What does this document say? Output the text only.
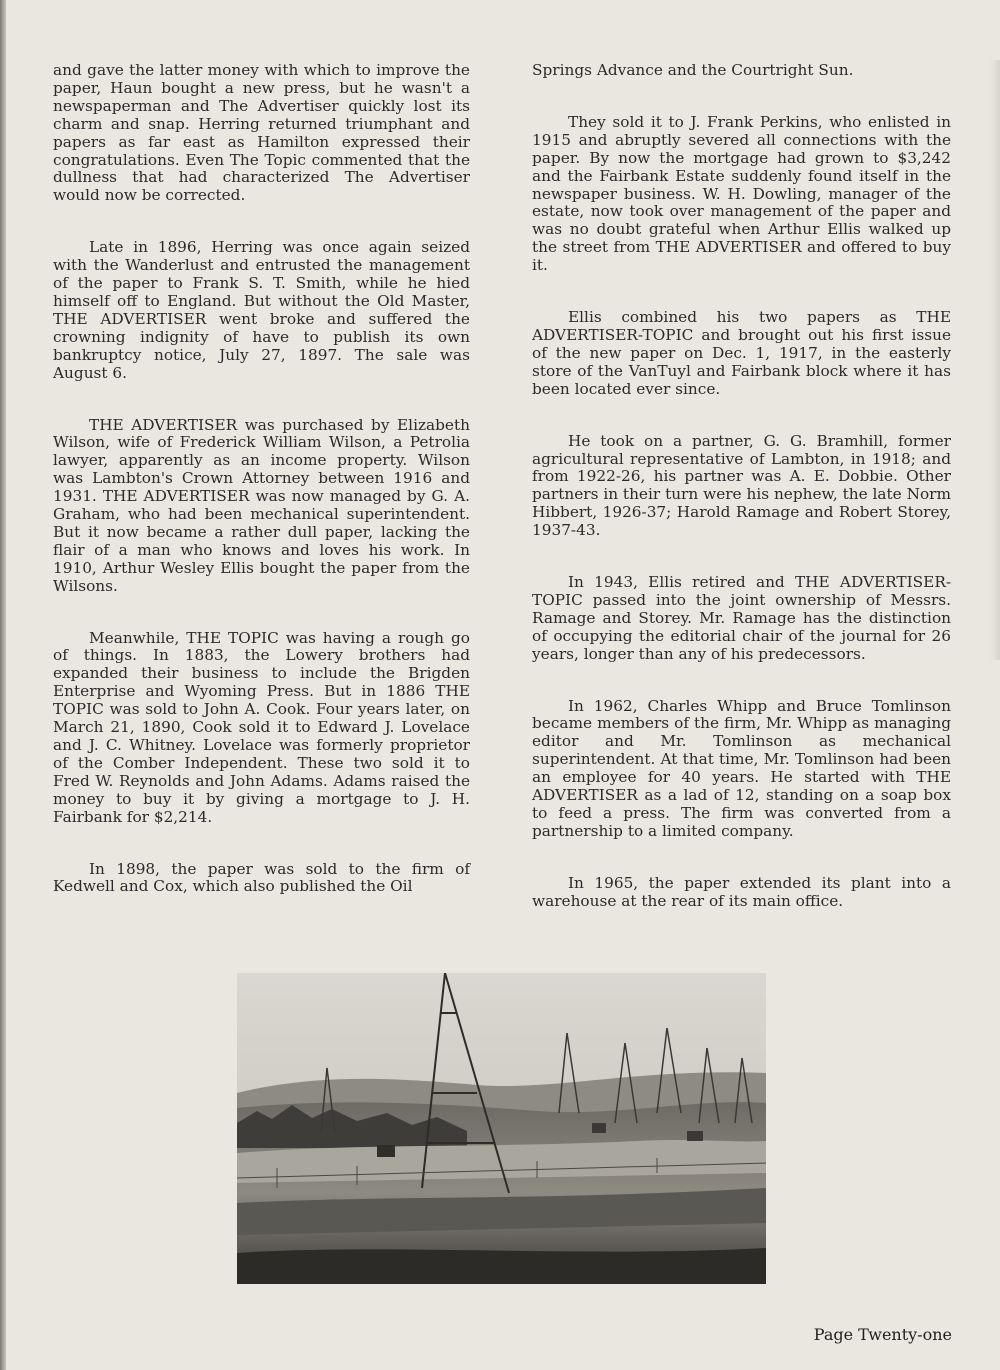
and gave the latter money with which to improve the paper, Haun bought a new press, but he wasn't a newspaperman and The Advertiser quickly lost its charm and snap. Herring returned triumphant and papers as far east as Hamilton expressed their congratulations. Even The Topic commented that the dullness that had characterized The Advertiser would now be corrected.

Late in 1896, Herring was once again seized with the Wanderlust and entrusted the management of the paper to Frank S. T. Smith, while he hied himself off to England. But without the Old Master, THE ADVERTISER went broke and suffered the crowning indignity of have to publish its own bankruptcy notice, July 27, 1897. The sale was August 6.

THE ADVERTISER was purchased by Elizabeth Wilson, wife of Frederick William Wilson, a Petrolia lawyer, apparently as an income property. Wilson was Lambton's Crown Attorney between 1916 and 1931. THE ADVERTISER was now managed by G. A. Graham, who had been mechanical superintendent. But it now became a rather dull paper, lacking the flair of a man who knows and loves his work. In 1910, Arthur Wesley Ellis bought the paper from the Wilsons.

Meanwhile, THE TOPIC was having a rough go of things. In 1883, the Lowery brothers had expanded their business to include the Brigden Enterprise and Wyoming Press. But in 1886 THE TOPIC was sold to John A. Cook. Four years later, on March 21, 1890, Cook sold it to Edward J. Lovelace and J. C. Whitney. Lovelace was formerly proprietor of the Comber Independent. These two sold it to Fred W. Reynolds and John Adams. Adams raised the money to buy it by giving a mortgage to J. H. Fairbank for $2,214.

In 1898, the paper was sold to the firm of Kedwell and Cox, which also published the Oil

Springs Advance and the Courtright Sun.

They sold it to J. Frank Perkins, who enlisted in 1915 and abruptly severed all connections with the paper. By now the mortgage had grown to $3,242 and the Fairbank Estate suddenly found itself in the newspaper business. W. H. Dowling, manager of the estate, now took over management of the paper and was no doubt grateful when Arthur Ellis walked up the street from THE ADVERTISER and offered to buy it.

Ellis combined his two papers as THE ADVERTISER-TOPIC and brought out his first issue of the new paper on Dec. 1, 1917, in the easterly store of the VanTuyl and Fairbank block where it has been located ever since.

He took on a partner, G. G. Bramhill, former agricultural representative of Lambton, in 1918; and from 1922-26, his partner was A. E. Dobbie. Other partners in their turn were his nephew, the late Norm Hibbert, 1926-37; Harold Ramage and Robert Storey, 1937-43.

In 1943, Ellis retired and THE ADVERTISER-TOPIC passed into the joint ownership of Messrs. Ramage and Storey. Mr. Ramage has the distinction of occupying the editorial chair of the journal for 26 years, longer than any of his predecessors.

In 1962, Charles Whipp and Bruce Tomlinson became members of the firm, Mr. Whipp as managing editor and Mr. Tomlinson as mechanical superintendent. At that time, Mr. Tomlinson had been an employee for 40 years. He started with THE ADVERTISER as a lad of 12, standing on a soap box to feed a press. The firm was converted from a partnership to a limited company.

In 1965, the paper extended its plant into a warehouse at the rear of its main office.

Page Twenty-one
